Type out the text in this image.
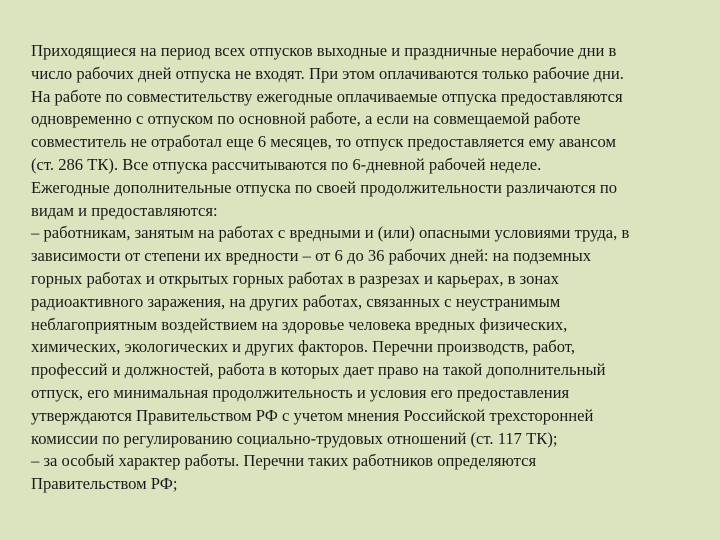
Приходящиеся на период всех отпусков выходные и праздничные нерабочие дни в
число рабочих дней отпуска не входят. При этом оплачиваются только рабочие дни.
На работе по совместительству ежегодные оплачиваемые отпуска предоставляются
одновременно с отпуском по основной работе, а если на совмещаемой работе
совместитель не отработал еще 6 месяцев, то отпуск предоставляется ему авансом
(ст. 286 ТК). Все отпуска рассчитываются по 6-дневной рабочей неделе.
Ежегодные дополнительные отпуска по своей продолжительности различаются по
видам и предоставляются:
– работникам, занятым на работах с вредными и (или) опасными условиями труда, в
зависимости от степени их вредности – от 6 до 36 рабочих дней: на подземных
горных работах и открытых горных работах в разрезах и карьерах, в зонах
радиоактивного заражения, на других работах, связанных с неустранимым
неблагоприятным воздействием на здоровье человека вредных физических,
химических, экологических и других факторов. Перечни производств, работ,
профессий и должностей, работа в которых дает право на такой дополнительный
отпуск, его минимальная продолжительность и условия его предоставления
утверждаются Правительством РФ с учетом мнения Российской трехсторонней
комиссии по регулированию социально-трудовых отношений (ст. 117 ТК);
– за особый характер работы. Перечни таких работников определяются
Правительством РФ;
